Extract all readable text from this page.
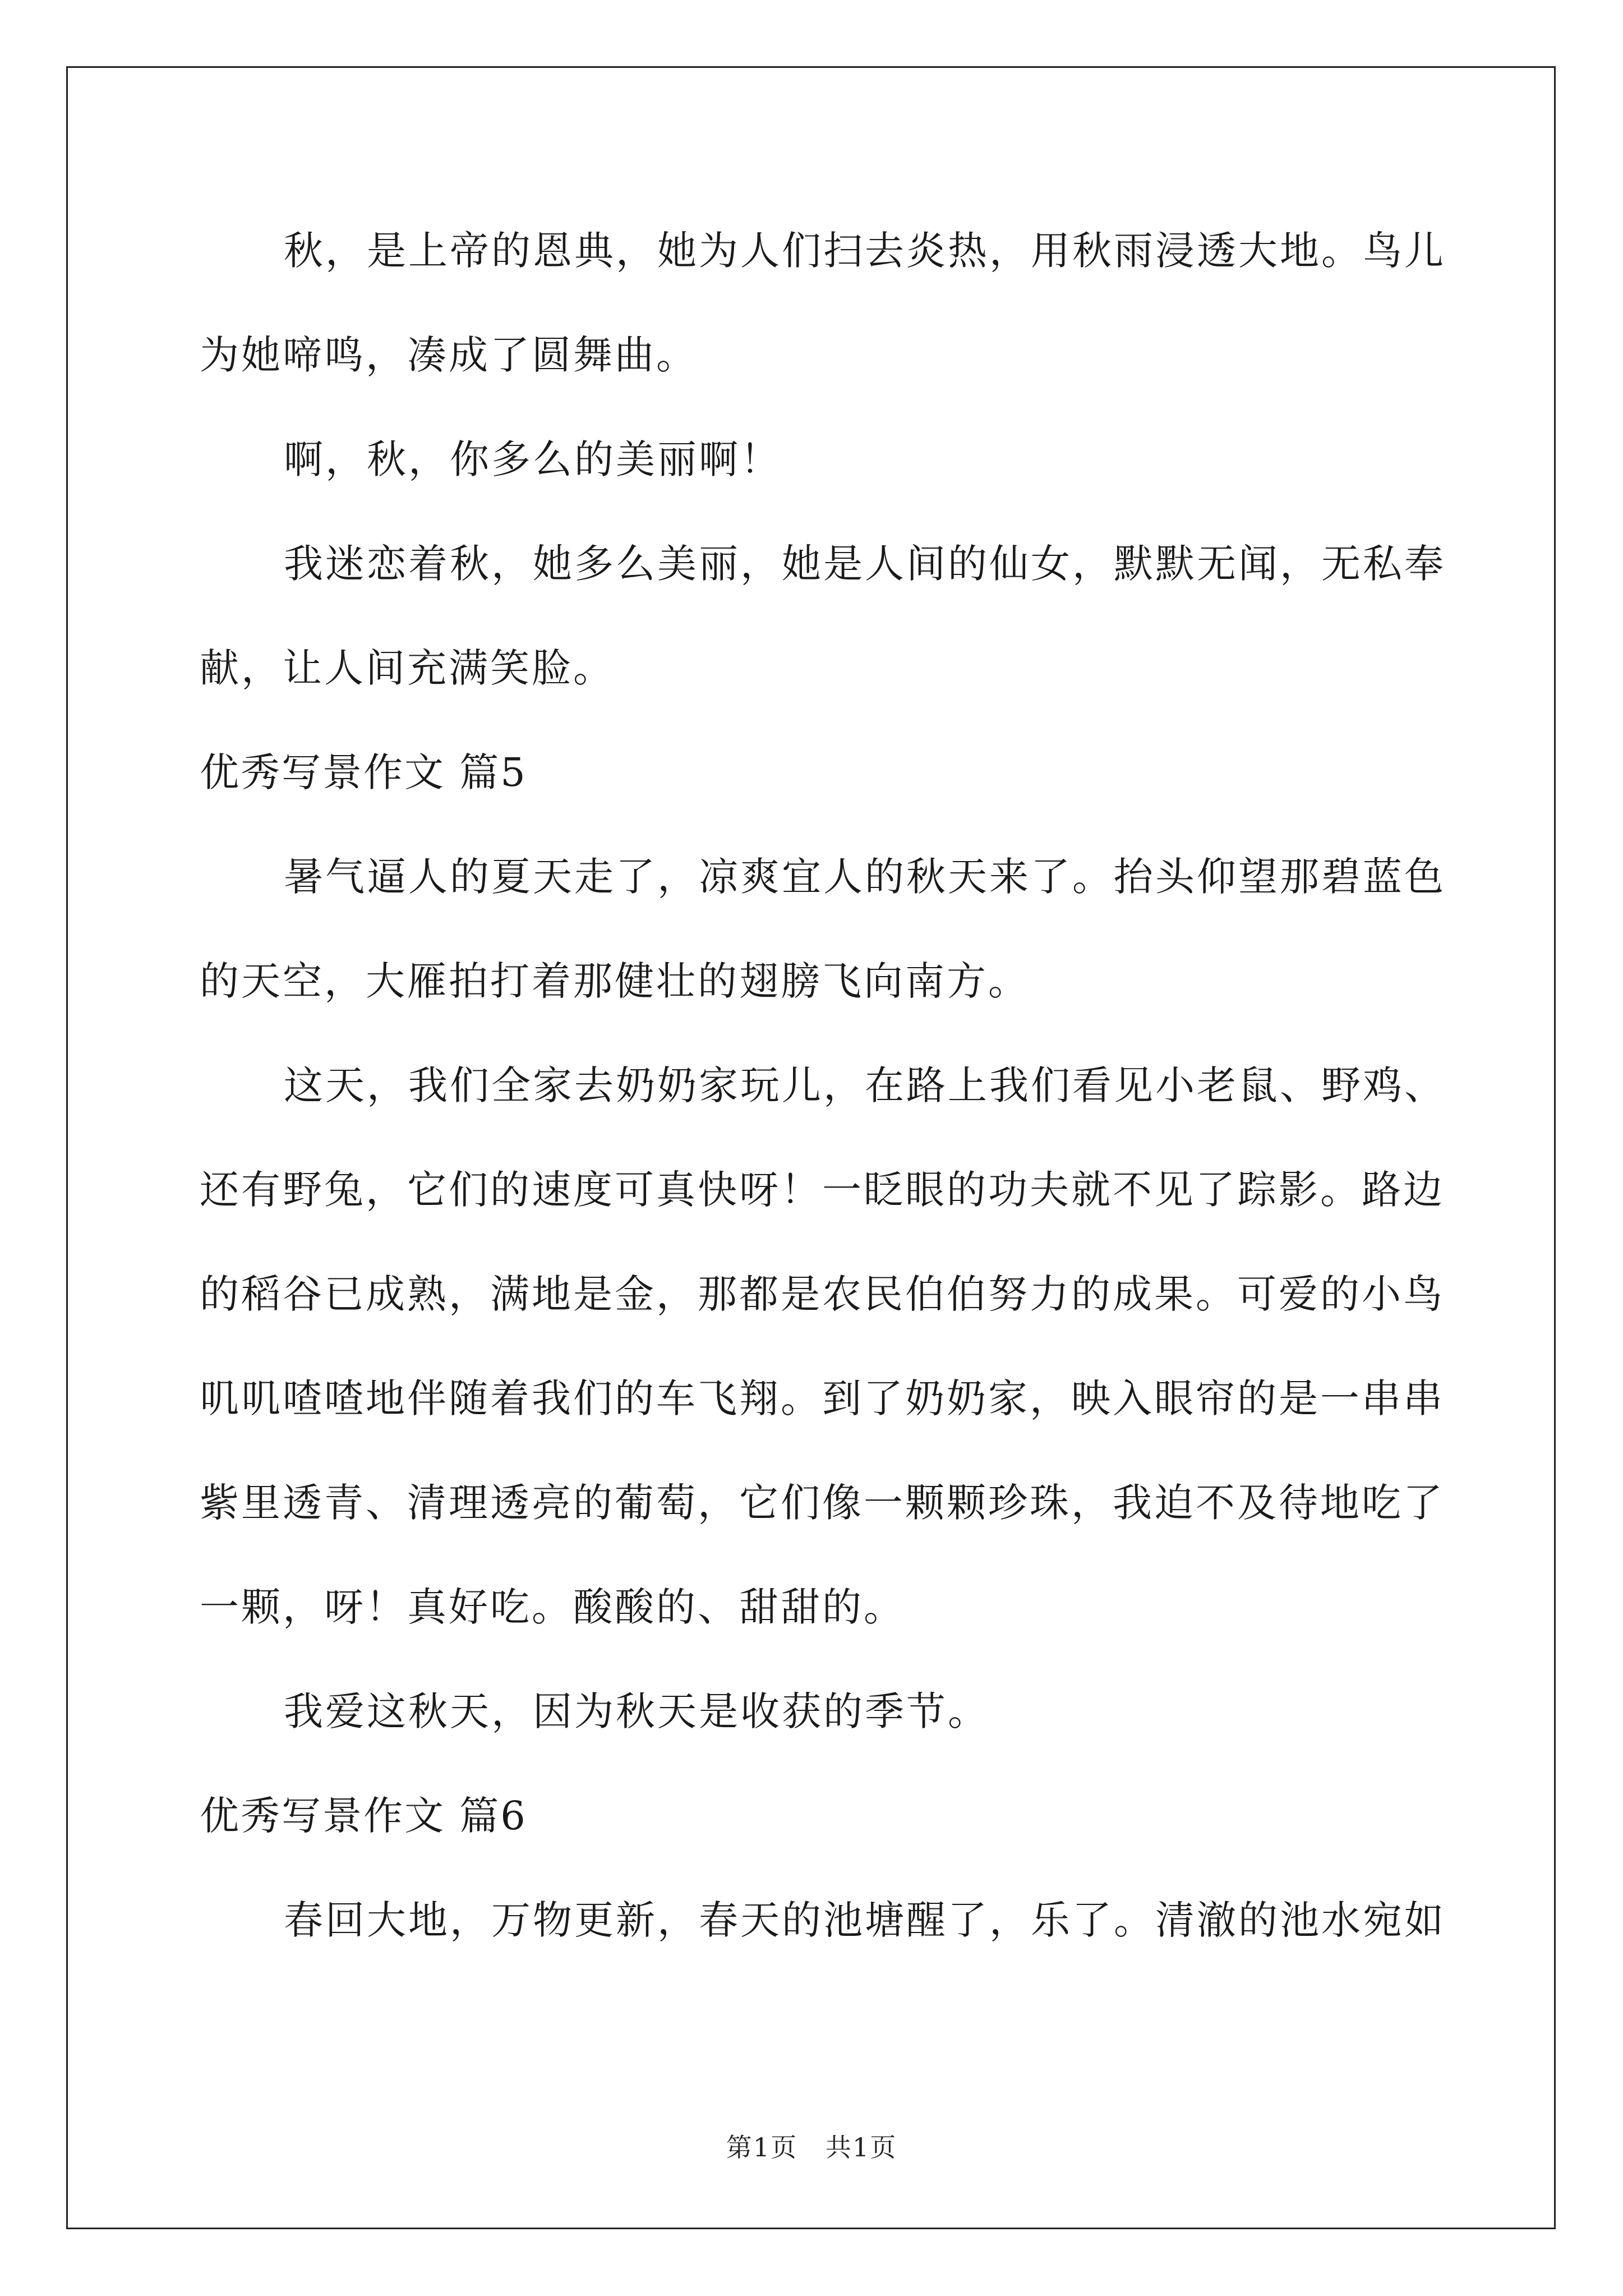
秋，是上帝的恩典，她为人们扫去炎热，用秋雨浸透大地。鸟儿
为她啼鸣，凑成了圆舞曲。
啊，秋，你多么的美丽啊！
我迷恋着秋，她多么美丽，她是人间的仙女，默默无闻，无私奉
献，让人间充满笑脸。
优秀写景作文 篇5
暑气逼人的夏天走了，凉爽宜人的秋天来了。抬头仰望那碧蓝色
的天空，大雁拍打着那健壮的翅膀飞向南方。
这天，我们全家去奶奶家玩儿，在路上我们看见小老鼠、野鸡、
还有野兔，它们的速度可真快呀！一眨眼的功夫就不见了踪影。路边
的稻谷已成熟，满地是金，那都是农民伯伯努力的成果。可爱的小鸟
叽叽喳喳地伴随着我们的车飞翔。到了奶奶家，映入眼帘的是一串串
紫里透青、清理透亮的葡萄，它们像一颗颗珍珠，我迫不及待地吃了
一颗，呀！真好吃。酸酸的、甜甜的。
我爱这秋天，因为秋天是收获的季节。
优秀写景作文 篇6
春回大地，万物更新，春天的池塘醒了，乐了。清澈的池水宛如
第1页   共1页
